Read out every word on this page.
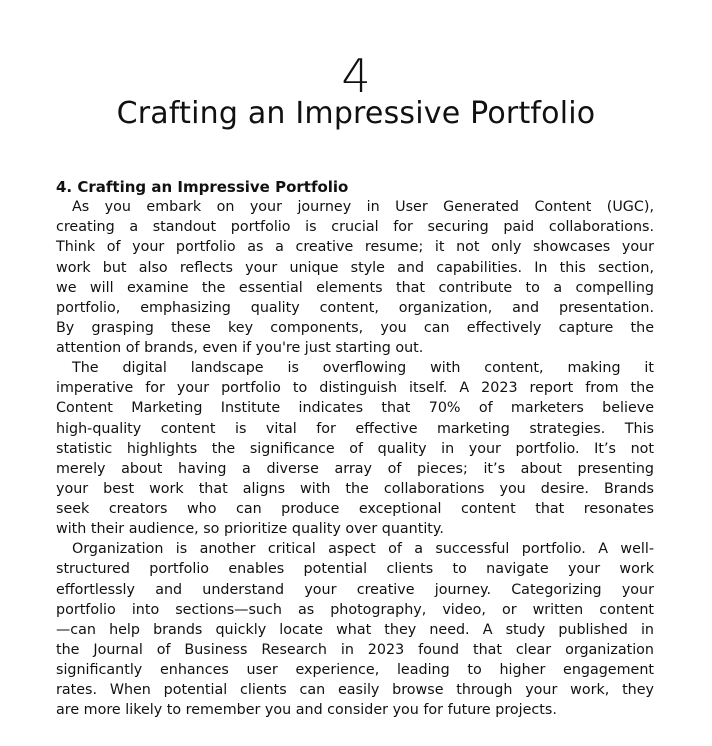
4
Crafting an Impressive Portfolio
4. Crafting an Impressive Portfolio
As you embark on your journey in User Generated Content (UGC),
creating a standout portfolio is crucial for securing paid collaborations.
Think of your portfolio as a creative resume; it not only showcases your
work but also reflects your unique style and capabilities. In this section,
we will examine the essential elements that contribute to a compelling
portfolio, emphasizing quality content, organization, and presentation.
By grasping these key components, you can effectively capture the
attention of brands, even if you're just starting out.
The digital landscape is overflowing with content, making it
imperative for your portfolio to distinguish itself. A 2023 report from the
Content Marketing Institute indicates that 70% of marketers believe
high-quality content is vital for effective marketing strategies. This
statistic highlights the significance of quality in your portfolio. It’s not
merely about having a diverse array of pieces; it’s about presenting
your best work that aligns with the collaborations you desire. Brands
seek creators who can produce exceptional content that resonates
with their audience, so prioritize quality over quantity.
Organization is another critical aspect of a successful portfolio. A well-
structured portfolio enables potential clients to navigate your work
effortlessly and understand your creative journey. Categorizing your
portfolio into sections—such as photography, video, or written content
—can help brands quickly locate what they need. A study published in
the Journal of Business Research in 2023 found that clear organization
significantly enhances user experience, leading to higher engagement
rates. When potential clients can easily browse through your work, they
are more likely to remember you and consider you for future projects.
